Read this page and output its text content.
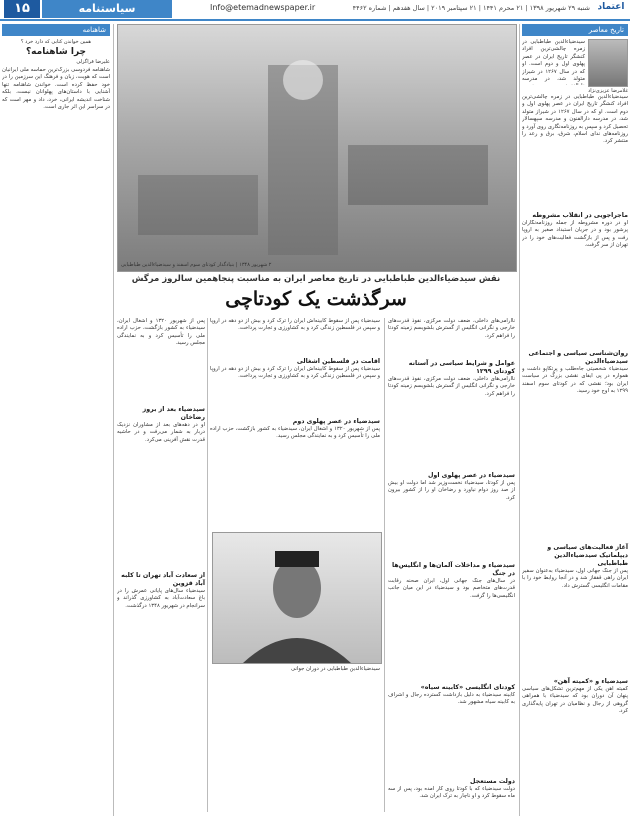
۱۵	سیاستنامه	Info@etemadnewspaper.ir	شنبه ۲۹ شهریور ۱۳۹۸ | ۲۱ محرم ۱۴۴۱ | ۲۱ سپتامبر ۲۰۱۹ | سال هفدهم | شماره ۴۴۶۲ اعتماد
تاریخ معاصر
سیدضیاءالدین طباطبایی در زمره چالشی‌ترین افراد کنشگر تاریخ ایران در عصر پهلوی اول و دوم است. او که در سال ۱۲۶۷ در شیراز متولد شد، در مدرسه
غلامرضا عزیزی‌نژاد
سیدضیاءالدین طباطبایی در زمره چالشی‌ترین افراد کنشگر تاریخ ایران در عصر پهلوی اول و دوم است. او که در سال ۱۲۶۷ در شیراز متولد شد، در مدرسه دارالفنون و مدرسه سپهسالار تحصیل کرد و سپس به روزنامه‌نگاری روی آورد و روزنامه‌های ندای اسلام، شرق، برق و رعد را منتشر کرد.
ماجراجویی در انقلاب مشروطه
او در دوره مشروطه از جمله روزنامه‌نگاران پرشور بود و در جریان استبداد صغیر به اروپا رفت و پس از بازگشت فعالیت‌های خود را در تهران از سر گرفت.
روان‌شناسی سیاسی و اجتماعی سیدضیاءالدین
سیدضیاء شخصیتی جاه‌طلب و پرتکاپو داشت و همواره در پی ایفای نقشی بزرگ در سیاست ایران بود؛ نقشی که در کودتای سوم اسفند ۱۲۹۹ به اوج خود رسید.
آغاز فعالیت‌های سیاسی و دیپلماتیک سیدضیاءالدین طباطبایی
پس از جنگ جهانی اول، سیدضیاء به‌عنوان سفیر ایران راهی قفقاز شد و در آنجا روابط خود را با مقامات انگلیسی گسترش داد.
سیدضیاء و «کمیته آهن»
کمیته آهن یکی از مهم‌ترین تشکل‌های سیاسی پنهان آن دوران بود که سیدضیاء با همراهی گروهی از رجال و نظامیان در تهران پایه‌گذاری کرد.
۲ شهریور ۱۳۴۸ | بنیادگذار کودتای سوم اسفند و سیدضیاءالدین طباطبایی
نقش سیدضیاءالدین طباطبایی در تاریخ معاصر ایران به مناسبت پنجاهمین سالروز مرگش
سرگذشت یک کودتاچی
ناآرامی‌های داخلی، ضعف دولت مرکزی، نفوذ قدرت‌های خارجی و نگرانی انگلیس از گسترش بلشویسم زمینه کودتا را فراهم کرد.
عوامل و شرایط سیاسی در آستانه کودتای ۱۲۹۹
ناآرامی‌های داخلی، ضعف دولت مرکزی، نفوذ قدرت‌های خارجی و نگرانی انگلیس از گسترش بلشویسم زمینه کودتا را فراهم کرد.
سیدضیاء در عصر پهلوی اول
پس از کودتا، سیدضیاء نخست‌وزیر شد اما دولت او بیش از صد روز دوام نیاورد و رضاخان او را از کشور بیرون کرد.
سیدضیاء و مداخلات آلمان‌ها و انگلیس‌ها در جنگ
در سال‌های جنگ جهانی اول، ایران صحنه رقابت قدرت‌های متخاصم بود و سیدضیاء در این میان جانب انگلیسی‌ها را گرفت.
کودتای انگلیسی «کابینه سیاه»
کابینه سیدضیاء به دلیل بازداشت گسترده رجال و اشراف به کابینه سیاه مشهور شد.
دولت مستعجل
دولت سیدضیاء که با کودتا روی کار آمده بود، پس از سه ماه سقوط کرد و او ناچار به ترک ایران شد.
سیدضیاء پس از سقوط کابینه‌اش ایران را ترک کرد و بیش از دو دهه در اروپا و سپس در فلسطین زندگی کرد و به کشاورزی و تجارت پرداخت.
اقامت در فلسطین اشغالی
سیدضیاء پس از سقوط کابینه‌اش ایران را ترک کرد و بیش از دو دهه در اروپا و سپس در فلسطین زندگی کرد و به کشاورزی و تجارت پرداخت.
سیدضیاء در عصر پهلوی دوم
پس از شهریور ۱۳۲۰ و اشغال ایران، سیدضیاء به کشور بازگشت، حزب اراده ملی را تأسیس کرد و به نمایندگی مجلس رسید.
پس از شهریور ۱۳۲۰ و اشغال ایران، سیدضیاء به کشور بازگشت، حزب اراده ملی را تأسیس کرد و به نمایندگی مجلس رسید.
سیدضیاء بعد از بروز رضا‌خان
او در دهه‌های بعد از مشاوران نزدیک دربار به شمار می‌رفت و در حاشیه قدرت نقش آفرینی می‌کرد.
از سعادت آباد تهران تا کلبه آباد قزوین
سیدضیاء سال‌های پایانی عمرش را در باغ سعادت‌آباد به کشاورزی گذراند و سرانجام در شهریور ۱۳۴۸ درگذشت.
سیدضیاءالدین طباطبایی در دوران جوانی
شاهنامه
همین خواندن کتابی که دارد خرد ؟
چرا شاهنامه؟
علیرضا قراگزلی
شاهنامه فردوسی بزرگ‌ترین حماسه ملی ایرانیان است که هویت، زبان و فرهنگ این سرزمین را در خود حفظ کرده است. خواندن شاهنامه تنها آشنایی با داستان‌های پهلوانان نیست، بلکه شناخت اندیشه ایرانی، خرد، داد و مهر است که در سراسر این اثر جاری است.
